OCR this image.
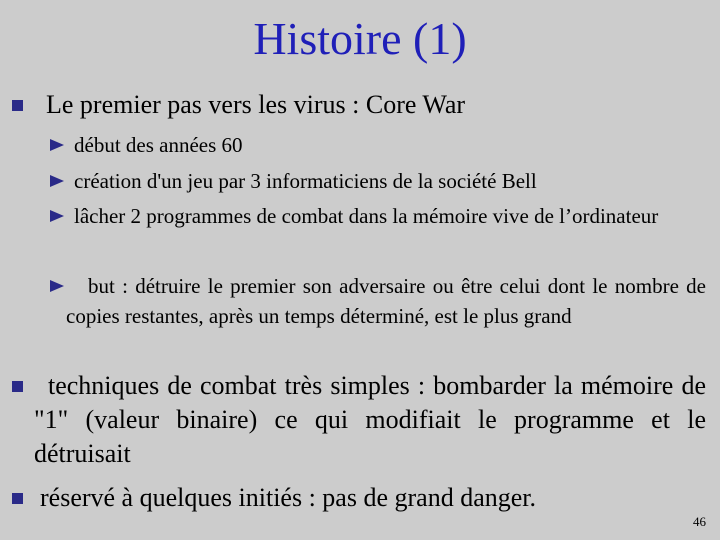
Histoire (1)
Le premier pas vers les virus : Core War
début des années 60
création d'un jeu par 3 informaticiens de la société Bell
lâcher 2 programmes de combat dans la mémoire vive de l’ordinateur
but : détruire le premier son adversaire ou être celui dont le nombre de copies restantes, après un temps déterminé, est le plus grand
techniques de combat très simples : bombarder la mémoire de "1" (valeur binaire) ce qui modifiait le programme et le détruisait
réservé à quelques initiés : pas de grand danger.
46
